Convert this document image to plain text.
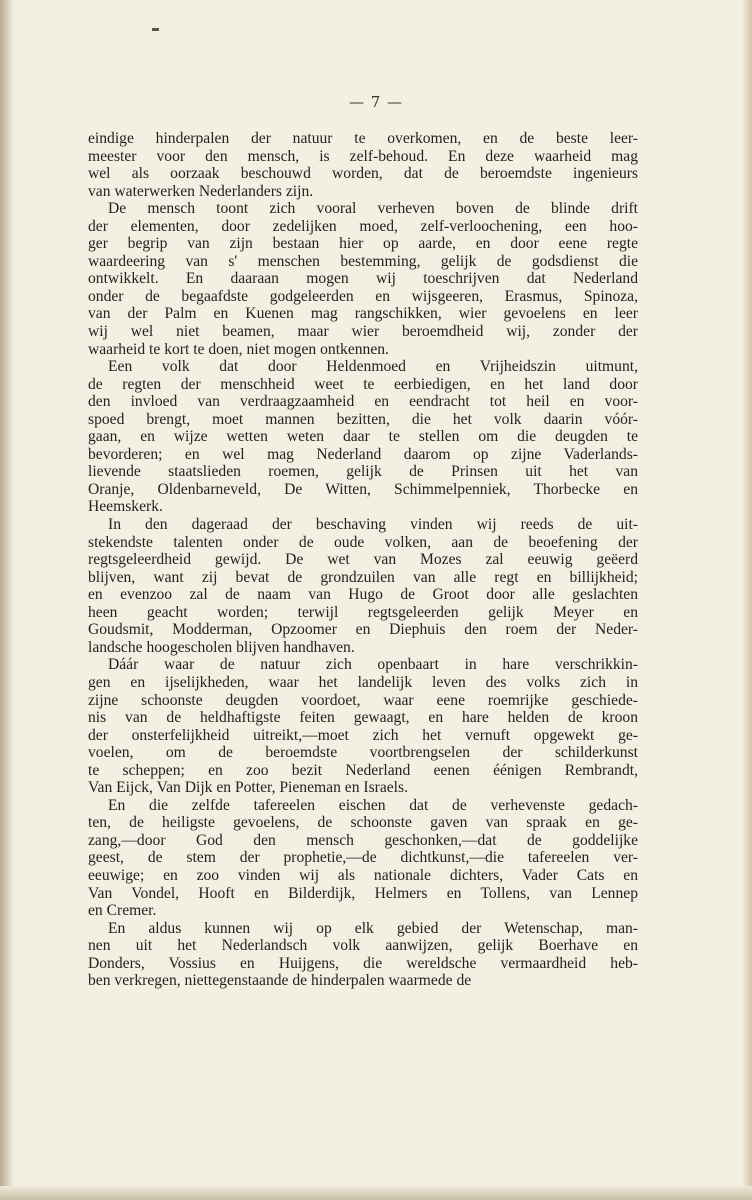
— 7 —

eindige hinderpalen der natuur te overkomen, en de beste leer-
meester voor den mensch, is zelf-behoud. En deze waarheid mag
wel als oorzaak beschouwd worden, dat de beroemdste ingenieurs
van waterwerken Nederlanders zijn.

De mensch toont zich vooral verheven boven de blinde drift
der elementen, door zedelijken moed, zelf-verloochening, een hoo-
ger begrip van zijn bestaan hier op aarde, en door eene regte
waardeering van s' menschen bestemming, gelijk de godsdienst die
ontwikkelt. En daaraan mogen wij toeschrijven dat Nederland
onder de begaafdste godgeleerden en wijsgeeren, Erasmus, Spinoza,
van der Palm en Kuenen mag rangschikken, wier gevoelens en leer
wij wel niet beamen, maar wier beroemdheid wij, zonder der
waarheid te kort te doen, niet mogen ontkennen.

Een volk dat door Heldenmoed en Vrijheidszin uitmunt,
de regten der menschheid weet te eerbiedigen, en het land door
den invloed van verdraagzaamheid en eendracht tot heil en voor-
spoed brengt, moet mannen bezitten, die het volk daarin vóór-
gaan, en wijze wetten weten daar te stellen om die deugden te
bevorderen; en wel mag Nederland daarom op zijne Vaderlands-
lievende staatslieden roemen, gelijk de Prinsen uit het van
Oranje, Oldenbarneveld, De Witten, Schimmelpenniek, Thorbecke en
Heemskerk.

In den dageraad der beschaving vinden wij reeds de uit-
stekendste talenten onder de oude volken, aan de beoefening der
regtsgeleerdheid gewijd. De wet van Mozes zal eeuwig geëerd
blijven, want zij bevat de grondzuilen van alle regt en billijkheid;
en evenzoo zal de naam van Hugo de Groot door alle geslachten
heen geacht worden; terwijl regtsgeleerden gelijk Meyer en
Goudsmit, Modderman, Opzoomer en Diephuis den roem der Neder-
landsche hoogescholen blijven handhaven.

Dáár waar de natuur zich openbaart in hare verschrikkin-
gen en ijselijkheden, waar het landelijk leven des volks zich in
zijne schoonste deugden voordoet, waar eene roemrijke geschiede-
nis van de heldhaftigste feiten gewaagt, en hare helden de kroon
der onsterfelijkheid uitreikt,—moet zich het vernuft opgewekt ge-
voelen, om de beroemdste voortbrengselen der schilderkunst
te scheppen; en zoo bezit Nederland eenen éénigen Rembrandt,
Van Eijck, Van Dijk en Potter, Pieneman en Israels.

En die zelfde tafereelen eischen dat de verhevenste gedach-
ten, de heiligste gevoelens, de schoonste gaven van spraak en ge-
zang,—door God den mensch geschonken,—dat de goddelijke
geest, de stem der prophetie,—de dichtkunst,—die tafereelen ver-
eeuwige; en zoo vinden wij als nationale dichters, Vader Cats en
Van Vondel, Hooft en Bilderdijk, Helmers en Tollens, van Lennep
en Cremer.

En aldus kunnen wij op elk gebied der Wetenschap, man-
nen uit het Nederlandsch volk aanwijzen, gelijk Boerhave en
Donders, Vossius en Huijgens, die wereldsche vermaardheid heb-
ben verkregen, niettegenstaande de hinderpalen waarmede de
